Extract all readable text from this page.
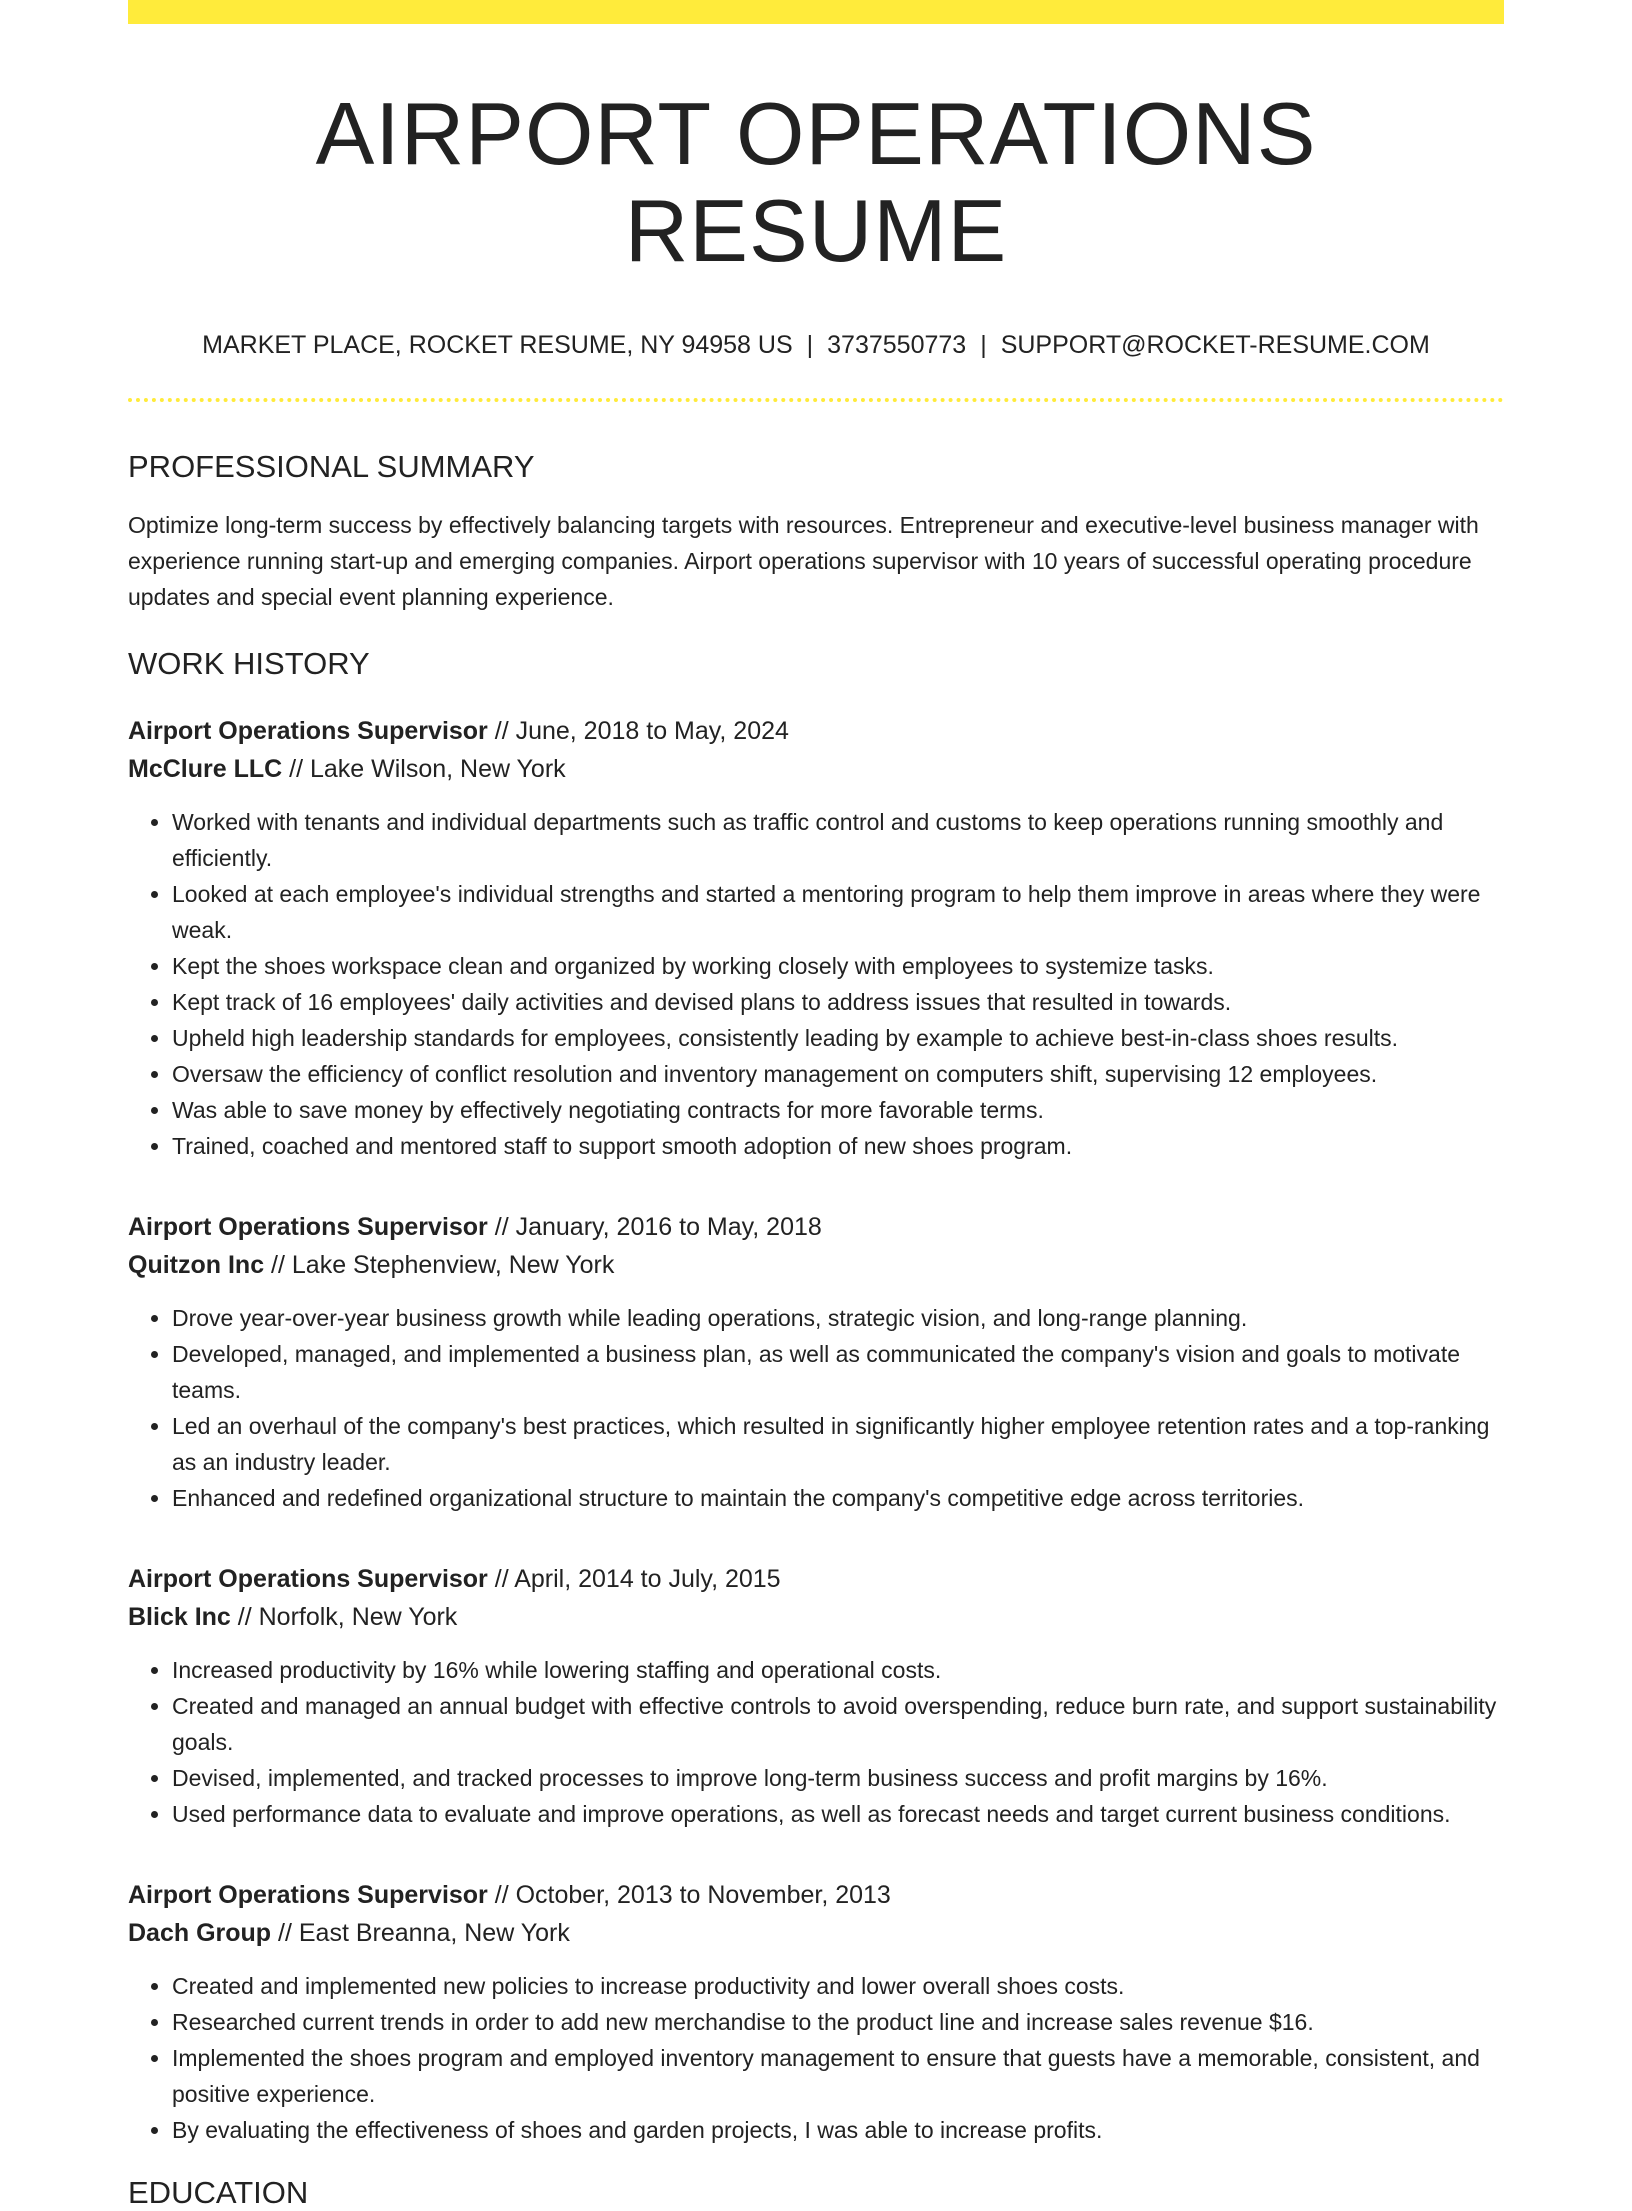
AIRPORT OPERATIONS RESUME
MARKET PLACE, ROCKET RESUME, NY 94958 US | 3737550773 | SUPPORT@ROCKET-RESUME.COM
PROFESSIONAL SUMMARY
Optimize long-term success by effectively balancing targets with resources. Entrepreneur and executive-level business manager with experience running start-up and emerging companies. Airport operations supervisor with 10 years of successful operating procedure updates and special event planning experience.
WORK HISTORY
Airport Operations Supervisor // June, 2018 to May, 2024
McClure LLC // Lake Wilson, New York
• Worked with tenants and individual departments such as traffic control and customs to keep operations running smoothly and efficiently.
• Looked at each employee's individual strengths and started a mentoring program to help them improve in areas where they were weak.
• Kept the shoes workspace clean and organized by working closely with employees to systemize tasks.
• Kept track of 16 employees' daily activities and devised plans to address issues that resulted in towards.
• Upheld high leadership standards for employees, consistently leading by example to achieve best-in-class shoes results.
• Oversaw the efficiency of conflict resolution and inventory management on computers shift, supervising 12 employees.
• Was able to save money by effectively negotiating contracts for more favorable terms.
• Trained, coached and mentored staff to support smooth adoption of new shoes program.
Airport Operations Supervisor // January, 2016 to May, 2018
Quitzon Inc // Lake Stephenview, New York
• Drove year-over-year business growth while leading operations, strategic vision, and long-range planning.
• Developed, managed, and implemented a business plan, as well as communicated the company's vision and goals to motivate teams.
• Led an overhaul of the company's best practices, which resulted in significantly higher employee retention rates and a top-ranking as an industry leader.
• Enhanced and redefined organizational structure to maintain the company's competitive edge across territories.
Airport Operations Supervisor // April, 2014 to July, 2015
Blick Inc // Norfolk, New York
• Increased productivity by 16% while lowering staffing and operational costs.
• Created and managed an annual budget with effective controls to avoid overspending, reduce burn rate, and support sustainability goals.
• Devised, implemented, and tracked processes to improve long-term business success and profit margins by 16%.
• Used performance data to evaluate and improve operations, as well as forecast needs and target current business conditions.
Airport Operations Supervisor // October, 2013 to November, 2013
Dach Group // East Breanna, New York
• Created and implemented new policies to increase productivity and lower overall shoes costs.
• Researched current trends in order to add new merchandise to the product line and increase sales revenue $16.
• Implemented the shoes program and employed inventory management to ensure that guests have a memorable, consistent, and positive experience.
• By evaluating the effectiveness of shoes and garden projects, I was able to increase profits.
EDUCATION
